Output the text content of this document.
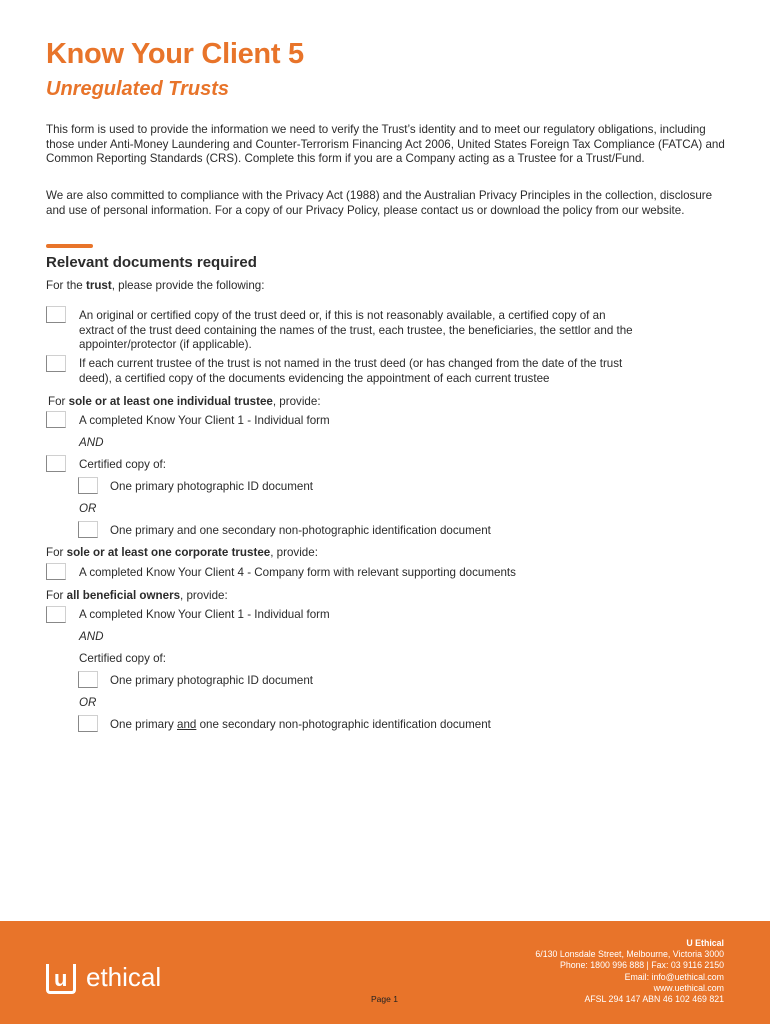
Know Your Client 5
Unregulated Trusts
This form is used to provide the information we need to verify the Trust’s identity and to meet our regulatory obligations, including those under Anti-Money Laundering and Counter-Terrorism Financing Act 2006, United States Foreign Tax Compliance (FATCA) and Common Reporting Standards (CRS). Complete this form if you are a Company acting as a Trustee for a Trust/Fund.
We are also committed to compliance with the Privacy Act (1988) and the Australian Privacy Principles in the collection, disclosure and use of personal information. For a copy of our Privacy Policy, please contact us or download the policy from our website.
Relevant documents required
For the trust, please provide the following:
An original or certified copy of the trust deed or, if this is not reasonably available, a certified copy of an extract of the trust deed containing the names of the trust, each trustee, the beneficiaries, the settlor and the appointer/protector (if applicable).
If each current trustee of the trust is not named in the trust deed (or has changed from the date of the trust deed), a certified copy of the documents evidencing the appointment of each current trustee
For sole or at least one individual trustee, provide:
A completed Know Your Client 1 - Individual form
AND
Certified copy of:
One primary photographic ID document
OR
One primary and one secondary non-photographic identification document
For sole or at least one corporate trustee, provide:
A completed Know Your Client 4 - Company form with relevant supporting documents
For all beneficial owners, provide:
A completed Know Your Client 1 - Individual form
AND
Certified copy of:
One primary photographic ID document
OR
One primary and one secondary non-photographic identification document
u ethical
Page 1
U Ethical
6/130 Lonsdale Street, Melbourne, Victoria 3000
Phone: 1800 996 888 | Fax: 03 9116 2150
Email: info@uethical.com
www.uethical.com
AFSL 294 147 ABN 46 102 469 821
